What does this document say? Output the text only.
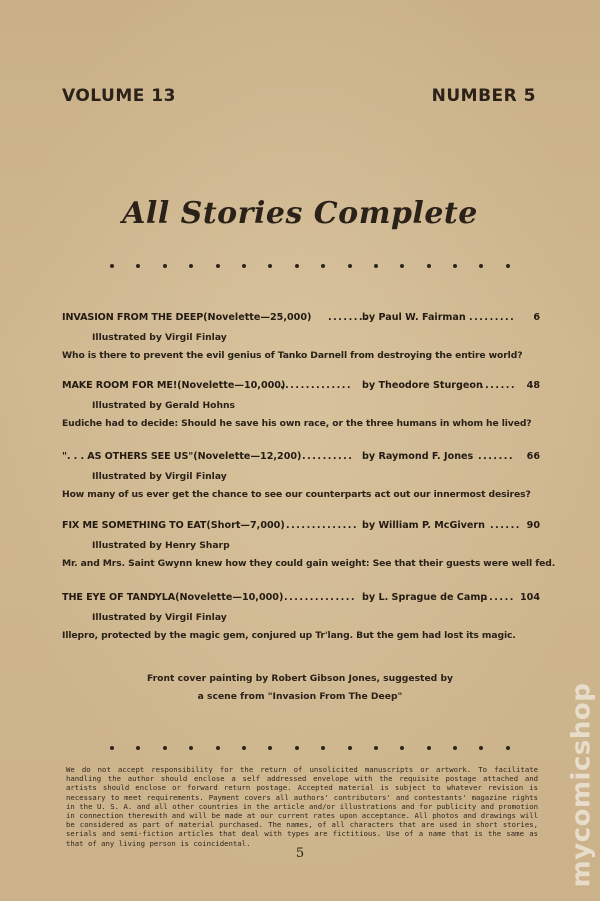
VOLUME 13	NUMBER 5
All Stories Complete
INVASION FROM THE DEEP(Novelette—25,000) ........
by Paul W. Fairman ......... 6
Illustrated by Virgil Finlay
Who is there to prevent the evil genius of Tanko Darnell from destroying the entire world?
MAKE ROOM FOR ME!(Novelette—10,000)
.............. by Theodore Sturgeon
....... 48
Illustrated by Gerald Hohns
Eudiche had to decide: Should he save his own race, or the three humans in whom he lived?
". . . AS OTHERS SEE US"(Novelette—12,200) .......... by Raymond F. Jones ....... 66
Illustrated by Virgil Finlay
How many of us ever get the chance to see our counterparts act out our innermost desires?
FIX ME SOMETHING TO EAT(Short—7,000) .............. by William P. McGivern ...... 90
Illustrated by Henry Sharp
Mr. and Mrs. Saint Gwynn knew how they could gain weight: See that their guests were well fed.
THE EYE OF TANDYLA(Novelette—10,000) .............. by L. Sprague de Camp
...... 104
Illustrated by Virgil Finlay
Illepro, protected by the magic gem, conjured up Tr'lang. But the gem had lost its magic.
Front cover painting by Robert Gibson Jones, suggested by
a scene from "Invasion From The Deep"
We do not accept responsibility for the return of unsolicited manuscripts or artwork. To facilitate handling the author should enclose a self addressed envelope with the requisite postage attached and artists should enclose or forward return postage. Accepted material is subject to whatever revision is necessary to meet requirements. Payment covers all authors' contributors' and contestants' magazine rights in the U. S. A. and all other countries in the article and/or illustrations and for publicity and promotion in connection therewith and will be made at our current rates upon acceptance. All photos and drawings will be considered as part of material purchased. The names, of all characters that are used in short stories, serials and semi-fiction articles that deal with types are fictitious. Use of a name that is the same as that of any living person is coincidental.
5	mycomicshop
